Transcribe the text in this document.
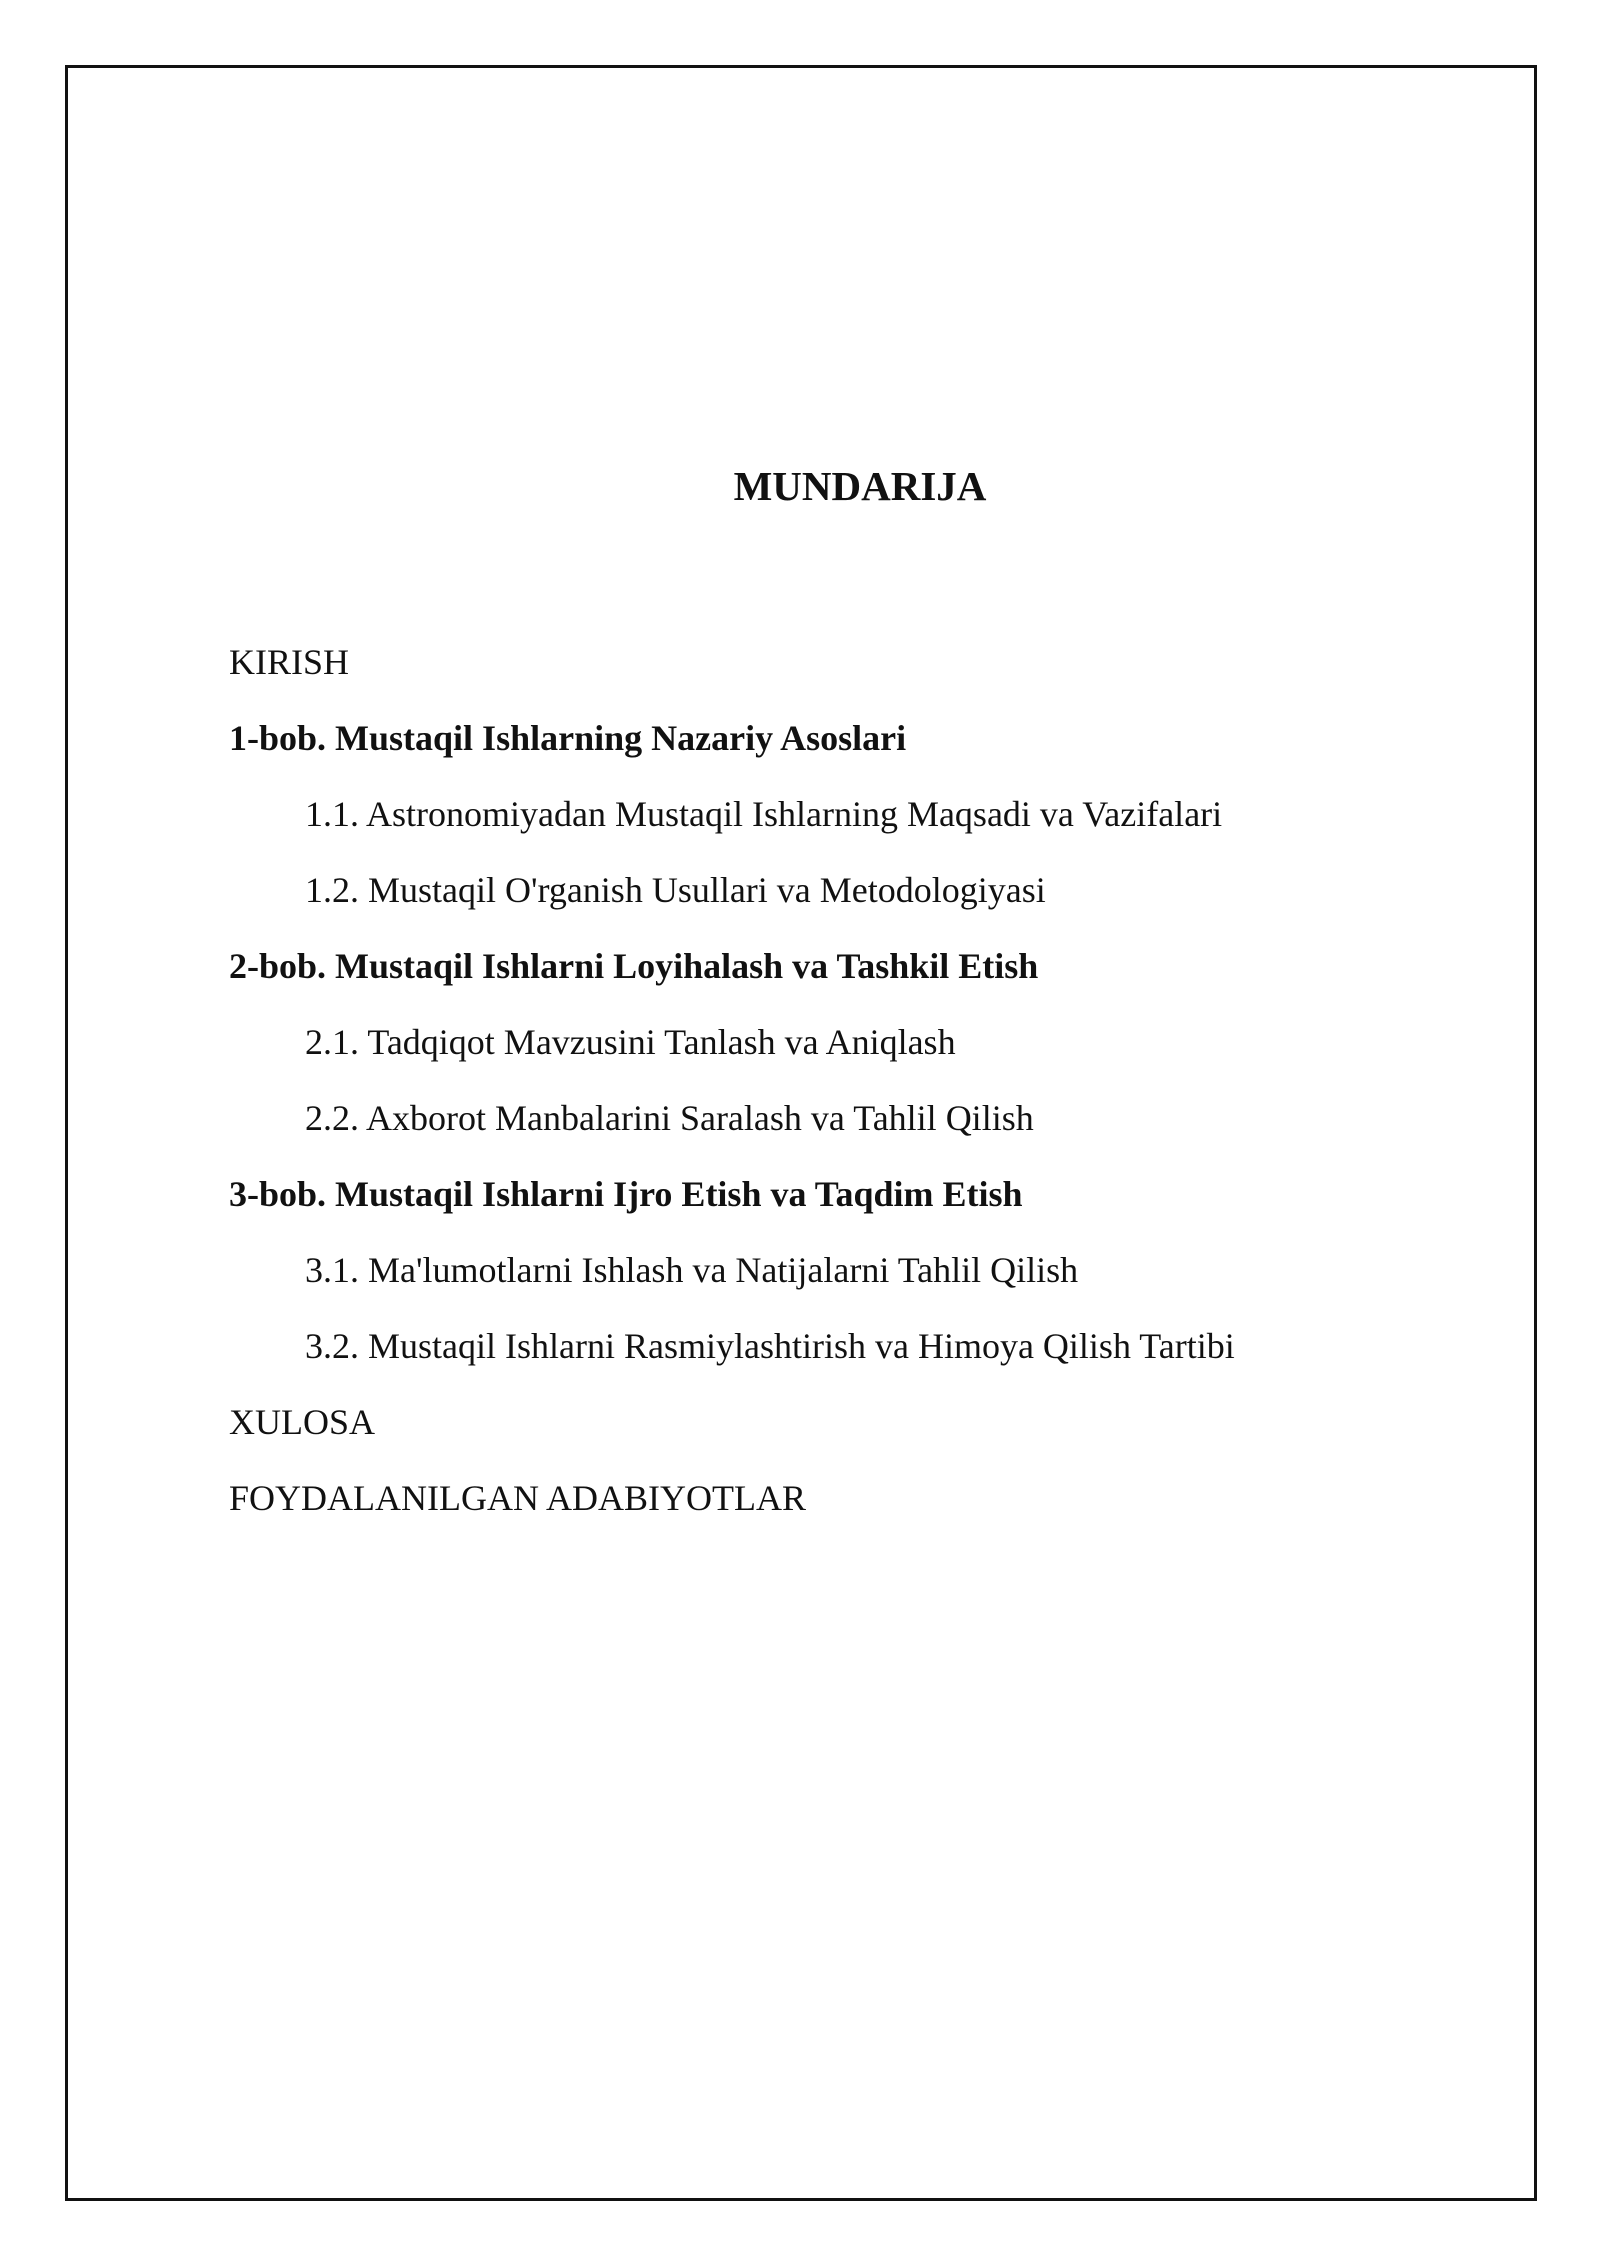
MUNDARIJA
KIRISH
1-bob. Mustaqil Ishlarning Nazariy Asoslari
1.1. Astronomiyadan Mustaqil Ishlarning Maqsadi va Vazifalari
1.2. Mustaqil O'rganish Usullari va Metodologiyasi
2-bob. Mustaqil Ishlarni Loyihalash va Tashkil Etish
2.1. Tadqiqot Mavzusini Tanlash va Aniqlash
2.2. Axborot Manbalarini Saralash va Tahlil Qilish
3-bob. Mustaqil Ishlarni Ijro Etish va Taqdim Etish
3.1. Ma'lumotlarni Ishlash va Natijalarni Tahlil Qilish
3.2. Mustaqil Ishlarni Rasmiylashtirish va Himoya Qilish Tartibi
XULOSA
FOYDALANILGAN ADABIYOTLAR
